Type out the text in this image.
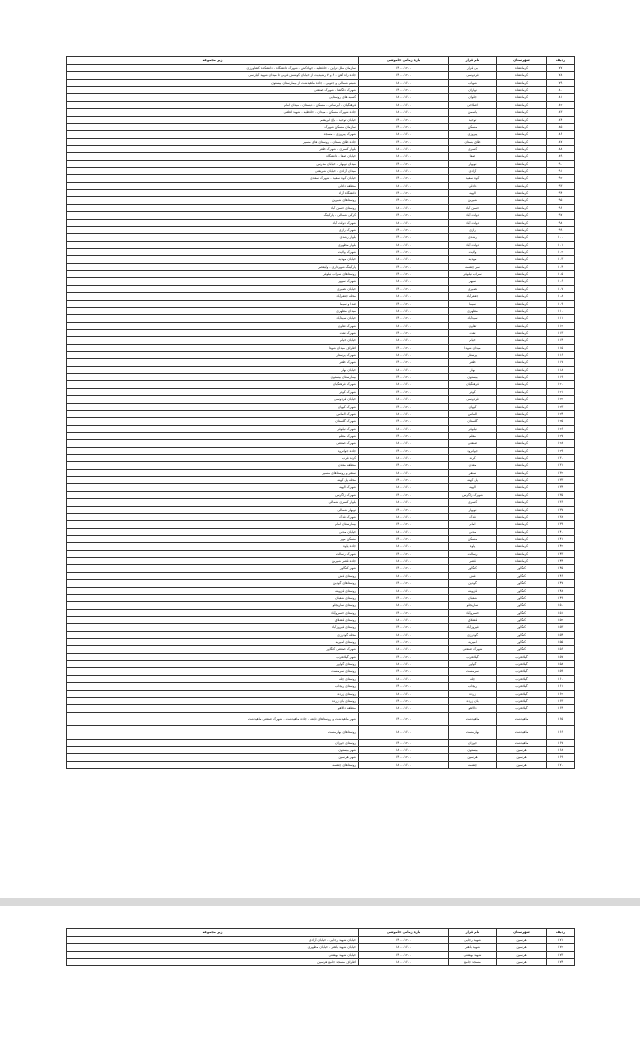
ردیف	شهرستان	نام قرار	بازه زمانی خاموشی	زیر مجموعه
۷۷	کرمانشاه	بی قرار	۱۴۰۰-۱۲۰۰	سازمان ملل تراین - حافظیه - جهادکش - شهرک دانشگاه - دانشکده کشاورزی
۷۸	کرمانشاه	فردوسی	۱۴۰۰-۱۲۰۰	جاده راه آهن - ۶ و ۷ رشیدیت از خیابان کوشش غربی تا میدان شهید کیارسی
۷۹	کرمانشاه	شهاب	۱۸۰۰-۱۶۰۰	شبنم شمالی و جنوبی - جاده ماهیدشت از بیمارستان بیستون
۸۰	کرمانشاه	نهاران	۱۴۰۰-۱۲۰۰	شهرک دلگشا - شهرک صنعتی
۸۱	کرمانشاه	جلوان	۱۸۰۰-۱۶۰۰	کسبه های روستایی
۸۲	کرمانشاه	اصلاحی	۱۸۰۰-۱۶۰۰	فرهنگیان - آبرسانی - مسکن - دبستان - میدان امام
۸۳	کرمانشاه	یاسمن	۱۸۰۰-۱۶۰۰	جاده شهرک مسکن - میدان - حافظیه - شهید لطفی
۸۴	کرمانشاه	توحید	۱۴۰۰-۱۲۰۰	خیابان توحید - باغ ابریشم
۸۵	کرمانشاه	مسکن	۱۴۰۰-۱۲۰۰	سازمان مسکن شهرک
۸۶	کرمانشاه	پیروزی	۱۸۰۰-۱۶۰۰	شهرک پیروزی - مسجد
۸۷	کرمانشاه	طاق بستان	۱۴۰۰-۱۲۰۰	جاده طاق بستان - روستای های مسیر
۸۸	کرمانشاه	کسری	۱۸۰۰-۱۶۰۰	بلوار کسری - شهرک ظفر
۸۹	کرمانشاه	صفا	۱۸۰۰-۱۶۰۰	خیابان صفا - دانشگاه
۹۰	کرمانشاه	نوبهار	۱۴۰۰-۱۲۰۰	میدان نوبهار - خیابان مدرس
۹۱	کرمانشاه	آزادی	۱۸۰۰-۱۶۰۰	میدان آزادی - خیابان شریعتی
۹۲	کرمانشاه	کوه سفید	۱۴۰۰-۱۲۰۰	خیابان کوه سفید - شهرک سعدی
۹۳	کرمانشاه	دادلی	۱۸۰۰-۱۶۰۰	منطقه دادلی
۹۴	کرمانشاه	الهیه	۱۴۰۰-۱۲۰۰	دانشگاه آزاد
۹۵	کرمانشاه	شیرین	۱۴۰۰-۱۲۰۰	روستاهای شیرین
۹۶	کرمانشاه	حسن آباد	۱۸۰۰-۱۶۰۰	روستای حسن آباد
۹۷	کرمانشاه	دولت آباد	۱۴۰۰-۱۲۰۰	کرکی شمالی - پارکینگ
۹۸	کرمانشاه	دولت آباد	۱۸۰۰-۱۶۰۰	شهرک دولت آباد
۹۹	کرمانشاه	رازی	۱۴۰۰-۱۲۰۰	شهرک رازی
۱۰۰	کرمانشاه	رشدی	۱۴۰۰-۱۲۰۰	بلوار رشدی
۱۰۱	کرمانشاه	دولت آباد	۱۸۰۰-۱۶۰۰	بلوار مطهری
۱۰۲	کرمانشاه	ولایت	۱۴۰۰-۱۲۰۰	شهرک ولایت
۱۰۳	کرمانشاه	مهدیه	۱۸۰۰-۱۶۰۰	خیابان مهدیه
۱۰۴	کرمانشاه	سر چشمه	۱۴۰۰-۱۲۰۰	پارکینگ شهرداری - ولیعصر
۱۰۵	کرمانشاه	سراب نیلوفر	۱۴۰۰-۱۲۰۰	روستاهای سراب نیلوفر
۱۰۶	کرمانشاه	سپهر	۱۸۰۰-۱۶۰۰	شهرک سپهر
۱۰۷	کرمانشاه	نصیری	۱۴۰۰-۱۲۰۰	خیابان نصیری
۱۰۸	کرمانشاه	جعفرآباد	۱۸۰۰-۱۶۰۰	محله جعفرآباد
۱۰۹	کرمانشاه	سیما	۱۴۰۰-۱۲۰۰	صدا و سیما
۱۱۰	کرمانشاه	مطهری	۱۸۰۰-۱۶۰۰	میدان مطهری
۱۱۱	کرمانشاه	سیدآباد	۱۴۰۰-۱۲۰۰	خیابان سیدآباد
۱۱۲	کرمانشاه	تعاون	۱۸۰۰-۱۶۰۰	شهرک تعاون
۱۱۳	کرمانشاه	نفت	۱۴۰۰-۱۲۰۰	شهرک نفت
۱۱۴	کرمانشاه	خیام	۱۸۰۰-۱۶۰۰	خیابان خیام
۱۱۵	کرمانشاه	میدان شهدا	۱۴۰۰-۱۲۰۰	اطراف میدان شهدا
۱۱۶	کرمانشاه	پرستار	۱۸۰۰-۱۶۰۰	شهرک پرستار
۱۱۷	کرمانشاه	ظفر	۱۴۰۰-۱۲۰۰	شهرک ظفر
۱۱۸	کرمانشاه	بهار	۱۸۰۰-۱۶۰۰	خیابان بهار
۱۱۹	کرمانشاه	بیستون	۱۴۰۰-۱۲۰۰	بیمارستان بیستون
۱۲۰	کرمانشاه	فرهنگیان	۱۸۰۰-۱۶۰۰	شهرک فرهنگیان
۱۲۱	کرمانشاه	کوثر	۱۴۰۰-۱۲۰۰	شهرک کوثر
۱۲۲	کرمانشاه	فردوسی	۱۸۰۰-۱۶۰۰	خیابان فردوسی
۱۲۳	کرمانشاه	کیهان	۱۴۰۰-۱۲۰۰	شهرک کیهان
۱۲۴	کرمانشاه	الماس	۱۸۰۰-۱۶۰۰	شهرک الماس
۱۲۵	کرمانشاه	گلستان	۱۴۰۰-۱۲۰۰	شهرک گلستان
۱۲۶	کرمانشاه	نیلوفر	۱۸۰۰-۱۶۰۰	شهرک نیلوفر
۱۲۷	کرمانشاه	معلم	۱۴۰۰-۱۲۰۰	شهرک معلم
۱۲۸	کرمانشاه	صنعتی	۱۸۰۰-۱۶۰۰	شهرک صنعتی
۱۲۹	کرمانشاه	جوانرود	۱۴۰۰-۱۲۰۰	جاده جوانرود
۱۳۰	کرمانشاه	کرند	۱۸۰۰-۱۶۰۰	کرند غرب
۱۳۱	کرمانشاه	معدن	۱۴۰۰-۱۲۰۰	منطقه معدن
۱۳۲	کرمانشاه	سنقر	۱۸۰۰-۱۶۰۰	سنقر و روستاهای مسیر
۱۳۳	کرمانشاه	پل کهنه	۱۴۰۰-۱۲۰۰	محله پل کهنه
۱۳۴	کرمانشاه	الهیه	۱۸۰۰-۱۶۰۰	شهرک الهیه
۱۳۵	کرمانشاه	شهرک زاگرس	۱۴۰۰-۱۲۰۰	شهرک زاگرس
۱۳۶	کرمانشاه	کسری	۱۸۰۰-۱۶۰۰	بلوار کسری شمالی
۱۳۷	کرمانشاه	نوبهار	۱۴۰۰-۱۲۰۰	نوبهار شمالی
۱۳۸	کرمانشاه	فدک	۱۸۰۰-۱۶۰۰	شهرک فدک
۱۳۹	کرمانشاه	امام	۱۴۰۰-۱۲۰۰	بیمارستان امام
۱۴۰	کرمانشاه	مدنی	۱۸۰۰-۱۶۰۰	خیابان مدنی
۱۴۱	کرمانشاه	مسکن	۱۴۰۰-۱۲۰۰	مسکن مهر
۱۴۲	کرمانشاه	پاوه	۱۸۰۰-۱۶۰۰	جاده پاوه
۱۴۳	کرمانشاه	رسالت	۱۴۰۰-۱۲۰۰	شهرک رسالت
۱۴۴	کرمانشاه	قصر	۱۸۰۰-۱۶۰۰	جاده قصر شیرین
۱۴۵	کنگاور	کنگاور	۱۴۰۰-۱۲۰۰	شهر کنگاور
۱۴۶	کنگاور	فش	۱۸۰۰-۱۶۰۰	روستای فش
۱۴۷	کنگاور	گودین	۱۴۰۰-۱۲۰۰	روستاهای گودین
۱۴۸	کنگاور	قزوینه	۱۸۰۰-۱۶۰۰	روستای قزوینه
۱۴۹	کنگاور	شعبان	۱۴۰۰-۱۲۰۰	روستای شعبان
۱۵۰	کنگاور	ساریجلو	۱۸۰۰-۱۶۰۰	روستای ساریجلو
۱۵۱	کنگاور	خسروآباد	۱۴۰۰-۱۲۰۰	روستای خسروآباد
۱۵۲	کنگاور	قشلاق	۱۸۰۰-۱۶۰۰	روستای قشلاق
۱۵۳	کنگاور	فیروزآباد	۱۴۰۰-۱۲۰۰	روستای فیروزآباد
۱۵۴	کنگاور	گودرزی	۱۸۰۰-۱۶۰۰	محله گودرزی
۱۵۵	کنگاور	امیریه	۱۴۰۰-۱۲۰۰	روستای امیریه
۱۵۶	کنگاور	شهرک صنعتی	۱۸۰۰-۱۶۰۰	شهرک صنعتی کنگاور
۱۵۷	گیلانغرب	گیلانغرب	۱۴۰۰-۱۲۰۰	شهر گیلانغرب
۱۵۸	گیلانغرب	گواور	۱۸۰۰-۱۶۰۰	روستای گواور
۱۵۹	گیلانغرب	سرمست	۱۴۰۰-۱۲۰۰	روستای سرمست
۱۶۰	گیلانغرب	چله	۱۸۰۰-۱۶۰۰	روستای چله
۱۶۱	گیلانغرب	ریجاب	۱۴۰۰-۱۲۰۰	روستای ریجاب
۱۶۲	گیلانغرب	زرده	۱۸۰۰-۱۶۰۰	روستای زرده
۱۶۳	گیلانغرب	بان زرده	۱۴۰۰-۱۲۰۰	روستای بان زرده
۱۶۴	گیلانغرب	دالاهو	۱۸۰۰-۱۶۰۰	منطقه دالاهو
۱۶۵	ماهیدشت	ماهیدشت	۱۴۰۰-۱۲۰۰	شهر ماهیدشت و روستاهای تابعه - جاده ماهیدشت - شهرک صنعتی ماهیدشت
۱۶۶	ماهیدشت	بهارمست	۱۸۰۰-۱۶۰۰	روستاهای بهارمست
۱۶۷	ماهیدشت	جوزان	۱۴۰۰-۱۲۰۰	روستای جوزان
۱۶۸	هرسین	بیستون	۱۸۰۰-۱۶۰۰	شهر بیستون
۱۶۹	هرسین	هرسین	۱۴۰۰-۱۲۰۰	شهر هرسین
۱۷۰	هرسین	چشمه	۱۸۰۰-۱۶۰۰	روستاهای چشمه
ردیف	شهرستان	نام قرار	بازه زمانی خاموشی	زیر مجموعه
۱۷۱	هرسین	شهید رجایی	۱۴۰۰-۱۲۰۰	خیابان شهید رجایی - خیابان آزادی
۱۷۲	هرسین	شهید باهنر	۱۸۰۰-۱۶۰۰	خیابان شهید باهنر - خیابان مطهری
۱۷۳	هرسین	شهید بهشتی	۱۴۰۰-۱۲۰۰	خیابان شهید بهشتی
۱۷۴	هرسین	مسجد جامع	۱۸۰۰-۱۶۰۰	اطراف مسجد جامع هرسین
